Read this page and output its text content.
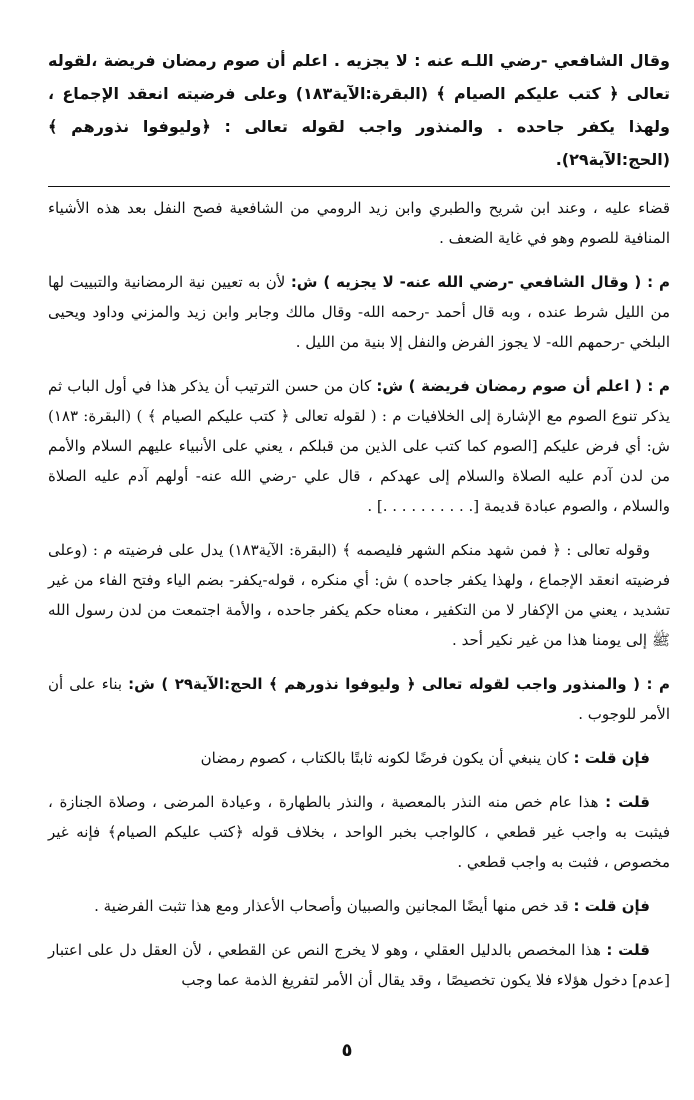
وقال الشافعي -رضي اللـه عنه : لا يجزيه . اعلم أن صوم رمضان فريضة ،لقوله تعالى ﴿ كتب عليكم الصيام ﴾ (البقرة:الآية١٨٣) وعلى فرضيته انعقد الإجماع ، ولهذا يكفر جاحده . والمنذور واجب لقوله تعالى : ﴿وليوفوا نذورهم ﴾ (الحج:الآية٢٩).

قضاء عليه ، وعند ابن شريح والطبري وابن زيد الرومي من الشافعية فصح النفل بعد هذه الأشياء المنافية للصوم وهو في غاية الضعف .

م : ( وقال الشافعي -رضي الله عنه- لا يجزيه ) ش: لأن به تعيين نية الرمضانية والتبييت لها من الليل شرط عنده ، وبه قال أحمد -رحمه الله- وقال مالك وجابر وابن زيد والمزني وداود ويحيى البلخي -رحمهم الله- لا يجوز الفرض والنفل إلا بنية من الليل .

م : ( اعلم أن صوم رمضان فريضة ) ش: كان من حسن الترتيب أن يذكر هذا في أول الباب ثم يذكر تنوع الصوم مع الإشارة إلى الخلافيات م : ( لقوله تعالى ﴿ كتب عليكم الصيام ﴾ ) (البقرة: ١٨٣) ش: أي فرض عليكم [الصوم كما كتب على الذين من قبلكم ، يعني على الأنبياء عليهم السلام والأمم من لدن آدم عليه الصلاة والسلام إلى عهدكم ، قال علي -رضي الله عنه- أولهم آدم عليه الصلاة والسلام ، والصوم عبادة قديمة [. . . . . . . . . .] .

وقوله تعالى : ﴿ فمن شهد منكم الشهر فليصمه ﴾ (البقرة: الآية١٨٣) يدل على فرضيته م : (وعلى فرضيته انعقد الإجماع ، ولهذا يكفر جاحده ) ش: أي منكره ، قوله-يكفر- بضم الياء وفتح الفاء من غير تشديد ، يعني من الإكفار لا من التكفير ، معناه حكم يكفر جاحده ، والأمة اجتمعت من لدن رسول الله ﷺ إلى يومنا هذا من غير نكير أحد .

م : ( والمنذور واجب لقوله تعالى ﴿ وليوفوا نذورهم ﴾ الحج:الآية٢٩ ) ش: بناء على أن الأمر للوجوب .

فإن قلت : كان ينبغي أن يكون فرضًا لكونه ثابتًا بالكتاب ، كصوم رمضان

قلت : هذا عام خص منه النذر بالمعصية ، والنذر بالطهارة ، وعيادة المرضى ، وصلاة الجنازة ، فيثبت به واجب غير قطعي ، كالواجب بخبر الواحد ، بخلاف قوله ﴿كتب عليكم الصيام﴾ فإنه غير مخصوص ، فثبت به واجب قطعي .

فإن قلت : قد خص منها أيضًا المجانين والصبيان وأصحاب الأعذار ومع هذا تثبت الفرضية .

قلت : هذا المخصص بالدليل العقلي ، وهو لا يخرج النص عن القطعي ، لأن العقل دل على اعتبار [عدم] دخول هؤلاء فلا يكون تخصيصًا ، وقد يقال أن الأمر لتفريغ الذمة عما وجب

٥
